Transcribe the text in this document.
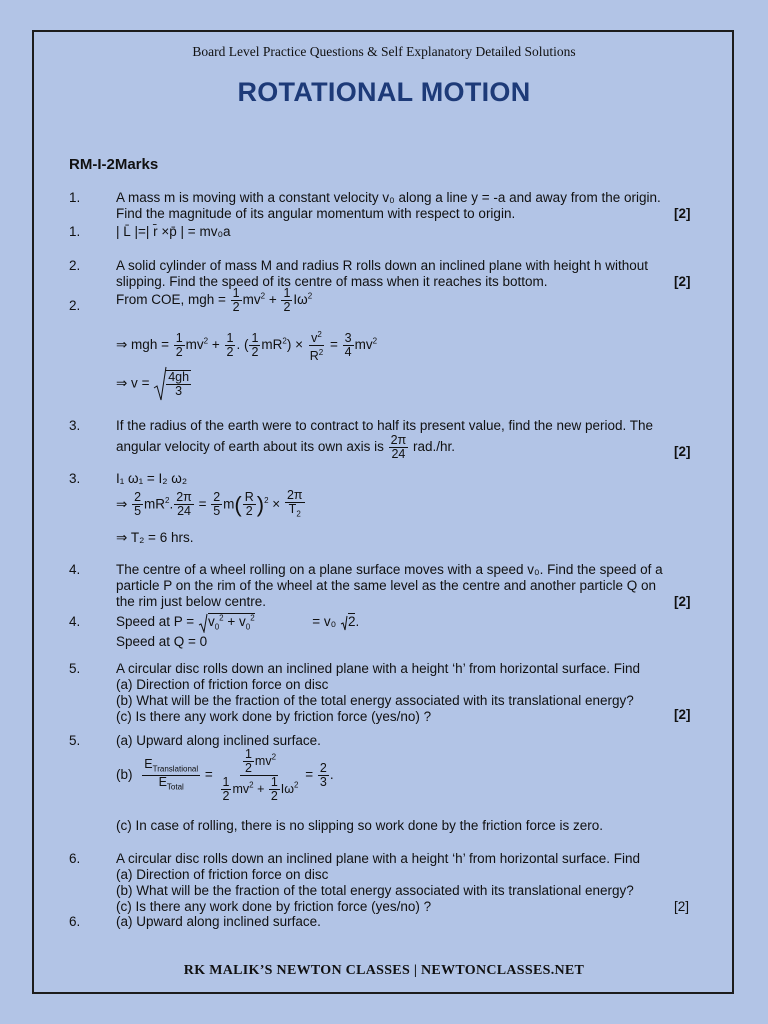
Board Level Practice Questions & Self Explanatory Detailed Solutions
ROTATIONAL MOTION
RM-I-2Marks
1.	A mass m is moving with a constant velocity v₀ along a line y = -a and away from the origin.
Find the magnitude of its angular momentum with respect to origin.	[2]
1.	| L̄ |=| r̄ ×p̄ | = mv₀a
2.	A solid cylinder of mass M and radius R rolls down an inclined plane with height h without
slipping. Find the speed of its centre of mass when it reaches its bottom.	[2]
2.	From COE, mgh = $\frac{1}{2} mv^2 + \frac{1}{2} I\omega^2$
⇒ mgh = $\frac{1}{2} mv^2 + \frac{1}{2}$ . ( $\frac{1}{2} mR^2) \times \frac{v^2}{R^2} = \frac{3}{4} mv^2$
⇒ $v = \frac{4gh}{3}$
3.	If the radius of the earth were to contract to half its present value, find the new period. The
angular velocity of earth about its own axis is $\frac{2\pi}{24} rad./hr$.	[2]
3.	I₁ ω₁ = I₂ ω₂
⇒ $\frac{2}{5} mR^2$. $\frac{2\pi}{24} = \frac{2}{5} m( \frac{R}{2} )^2 \times \frac{2\pi}{T_2}$
⇒ T₂ = 6 hrs.
4.	The centre of a wheel rolling on a plane surface moves with a speed v₀. Find the speed of a
particle P on the rim of the wheel at the same level as the centre and another particle Q on
the rim just below centre.	[2]
4.	Speed at $P = v_0^2 + v_0^2$	= v₀ 2.
Speed at Q = 0
5.	A circular disc rolls down an inclined plane with a height ‘h’ from horizontal surface. Find
(a) Direction of friction force on disc
(b) What will be the fraction of the total energy associated with its translational energy?
(c) Is there any work done by friction force (yes/no) ?	[2]
5.	(a) Upward along inclined surface.
(b)
$E_{Translational}$
$E_{Total}$
= $\frac{\frac{1}{2} mv^2}{\frac{1}{2} mv^2 + \frac{1}{2} I\omega^2} = \frac{2}{3}$ .
(c) In case of rolling, there is no slipping so work done by the friction force is zero.
6.	A circular disc rolls down an inclined plane with a height ‘h’ from horizontal surface. Find
(a) Direction of friction force on disc
(b) What will be the fraction of the total energy associated with its translational energy?
(c) Is there any work done by friction force (yes/no) ?	[2]
6.	(a) Upward along inclined surface.
RK MALIK’S NEWTON CLASSES | NEWTONCLASSES.NET
